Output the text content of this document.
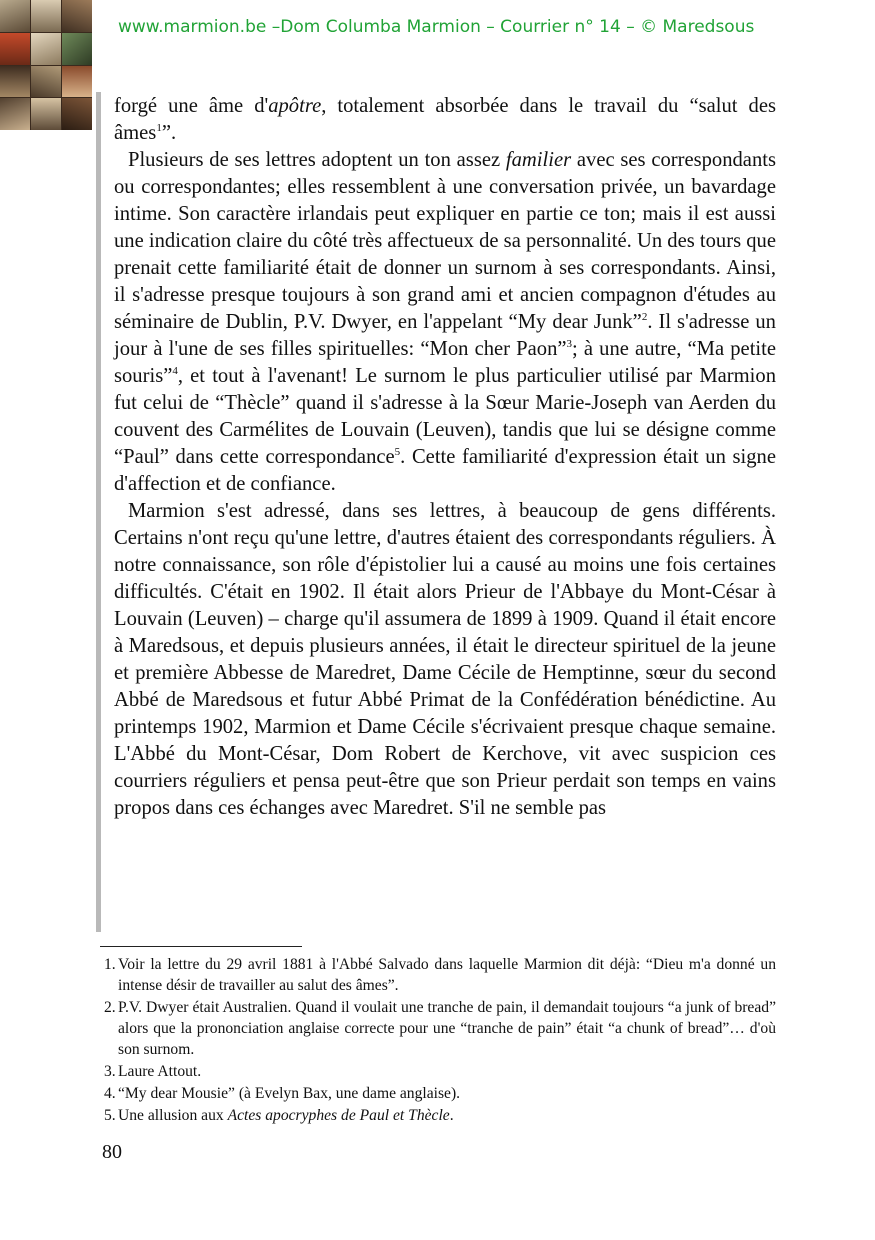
www.marmion.be –Dom Columba Marmion – Courrier n° 14 – © Maredsous

forgé une âme d'apôtre, totalement absorbée dans le travail du “salut des âmes$^1$”.

Plusieurs de ses lettres adoptent un ton assez familier avec ses correspondants ou correspondantes; elles ressemblent à une conversation privée, un bavardage intime. Son caractère irlandais peut expliquer en partie ce ton; mais il est aussi une indication claire du côté très affectueux de sa personnalité. Un des tours que prenait cette familiarité était de donner un surnom à ses correspondants. Ainsi, il s'adresse presque toujours à son grand ami et ancien compagnon d'études au séminaire de Dublin, P.V. Dwyer, en l'appelant “My dear Junk”$^2$. Il s'adresse un jour à l'une de ses filles spirituelles: “Mon cher Paon”$^3$; à une autre, “Ma petite souris”$^4$, et tout à l'avenant! Le surnom le plus particulier utilisé par Marmion fut celui de “Thècle” quand il s'adresse à la Sœur Marie-Joseph van Aerden du couvent des Carmélites de Louvain (Leuven), tandis que lui se désigne comme “Paul” dans cette correspondance$^5$. Cette familiarité d'expression était un signe d'affection et de confiance.

Marmion s'est adressé, dans ses lettres, à beaucoup de gens différents. Certains n'ont reçu qu'une lettre, d'autres étaient des correspondants réguliers. À notre connaissance, son rôle d'épistolier lui a causé au moins une fois certaines difficultés. C'était en 1902. Il était alors Prieur de l'Abbaye du Mont-César à Louvain (Leuven) – charge qu'il assumera de 1899 à 1909. Quand il était encore à Maredsous, et depuis plusieurs années, il était le directeur spirituel de la jeune et première Abbesse de Maredret, Dame Cécile de Hemptinne, sœur du second Abbé de Maredsous et futur Abbé Primat de la Confédération bénédictine. Au printemps 1902, Marmion et Dame Cécile s'écrivaient presque chaque semaine. L'Abbé du Mont-César, Dom Robert de Kerchove, vit avec suspicion ces courriers réguliers et pensa peut-être que son Prieur perdait son temps en vains propos dans ces échanges avec Maredret. S'il ne semble pas

1. Voir la lettre du 29 avril 1881 à l'Abbé Salvado dans laquelle Marmion dit déjà: “Dieu m'a donné un intense désir de travailler au salut des âmes”.
2. P.V. Dwyer était Australien. Quand il voulait une tranche de pain, il demandait toujours “a junk of bread” alors que la prononciation anglaise correcte pour une “tranche de pain” était “a chunk of bread”… d'où son surnom.
3. Laure Attout.
4. “My dear Mousie” (à Evelyn Bax, une dame anglaise).
5. Une allusion aux Actes apocryphes de Paul et Thècle.
80
